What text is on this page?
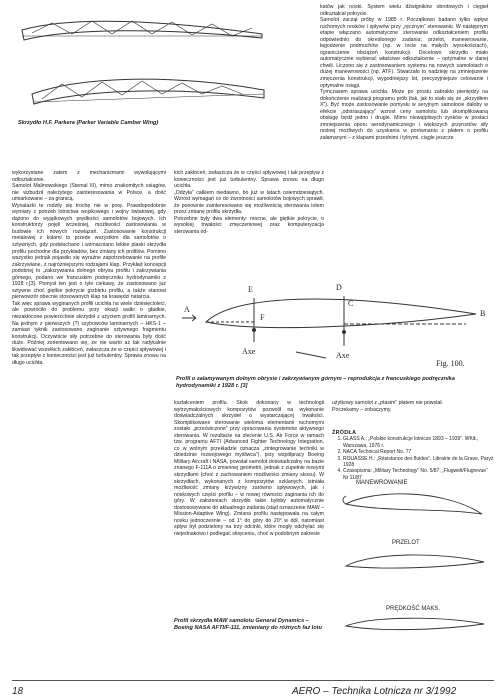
Skrzydło H.F. Parkera (Parker Variable Camber Wing)

katów jak noski. System wielu dźwigników obrotowych i cięgieł odkształcał pokrycie.
Samolot zaczął próby w 1985 r. Początkowo badano tylko wpływ ruchomych nosków i spływów przy „ręcznym” sterowaniu. W następnym etapie włączano automatyczne sterowanie odkształceniem profilu odpowiednio do określonego zadania; przelot, manewrowanie, łagodzenie podmuchów (np. w locie na małych wysokościach), ograniczenie obciążeń konstrukcji. Docelowo skrzydło miało automatycznie wybierać właściwe odkształcenie – optymalne w danej chwili. Liczono się z zastosowaniem systemu na nowych samolotach o dużej manewrowości (np. ATF). Stwarzało to nadzieję na zmniejszenie zmęczenia konstrukcji, wygodniejszy lot, precyzyjniejsze celowanie i optymalne osiągi.
Tymczasem sprawa ucichła. Może po prostu zabrakło pieniędzy na dokończenie realizacji programu prób (tak, jak to stało się ze „skrzydłem X”). Być może zastosowanie pomysłu w seryjnym samolocie dałoby w efekcie „odstraszający” wzrost ceny samolotu lub skomplikowaną obsługę będź jedno i drugie. Mimo niewątpliwych zysków w postaci zmniejszenia oporu aerodynamicznego i większych przyrostów siły nośnej możliwych do uzyskania w porównaniu z płatem o profilu załamanym – z klapami przednimi i tylnymi, ciągle jeszcze

wykorzystane zatem z mechanizmami wywołującymi odkształcenie.
Samolot Malinowskiego (Stemal III), mimo znakomitych osiągów, nie wzbudził należytego zainteresowania w Polsce, a dość umiarkowane – za granicą.
Wynalazki te rodziły się trochę nie w porę. Prawdopodobnie wymiary z potrzeb lotnictwa wojskowego i wojny światowej, gdy dążono do wyjątkowych prędkości samolotów bojowych. Ich konstruktorzy pojęli wcześniej, możliwości zastosowania w budowie ich nowych rozwiązań. Zastosowanie konstrukcji metalowej z kołami to przede wszystkim dla samolotów o sztywnych, gdy podsłuchano i wzmacniano lekkie plaski skrzydła profilu pochodne dla przykładów, bez zmiany ich profilów. Pomimo wszystko jednak pojawiło się wyraźne zapotrzebowanie na profile zakrzywiane, z najróżniejszymi rodzajami klap. Przykład koncepcji podobnej to „zakrzywiania dolnego obrysu profilu i zakrzywiania górnego, podano we francuskim podręczniku hydrodynamiki z 1928 r.[3]. Pomysł ten jest o tyle ciekawy, że zastosowano już sztywne choć giętkie pokrycie grzbietu profilu, a także stanowi pierwowzór obecnie stosowanych klap na krawędzi natarcia.
Tak więc sprawa wyginanych profili ucichła na wiele dziesięcioleci, ale powróciło do problemu przy okazji walki o gładkie, niezakłócone powierzchnie skrzydeł z użyciem profili laminarnych. Na jednym z pierwszych (?) szybowców laminarnych – HKS-1 – zamiast tyknik zastosowano zaginanie sztywnego fragmentu konstrukcji. Oczywiście siły potrzebne do sterowania były dość duże. Później zorientowano się, że nie warto aż tak radykalnie likwidować wszelkich zakłóceń, zwłaszcza że w części spływowej i tak przepływ z konieczności jest już turbulentny. Sprawa znowu na długo ucichła.

kich zakłóceń, zwłaszcza że w części spływowej i tak przepływ z konieczności jest już turbulentny. Sprawa znowu na długo ucichła.
„Odżyła” całkiem niedawno, bo już w latach osiemdziesiątych. Wzrost wymagań co do zwrotności samolotów bojowych sprawił, że ponownie zainteresowano się możliwością sterowania lotem przez zmianę profilu skrzydła.
Potrzebne były dwa elementy: mocne, ale giętkie pokrycie, o wysokiej trwałości zmęczeniowej oraz komputeryzacja sterowania od-

A
E	D
C
F	B
Axe	Axe
Fig. 100.

Profil o zalamywanym dolnym obrysie i zakrzywianym górnym – reprodukcja z francuskiego podręcznika hydrodynamiki z 1928 r. [3]

kształceniem profilu. Skok dokonany w technologii wytrzymałościowych kompozytów pozwolił na wykonanie doświadczalnych skrzydeł o wystarczającej trwałości. Skomplikowane sterowanie wieloma elementami ruchomymi zostało „przećwiczone” przy opracowaniu systemów aktywnego sterowania. W rezultacie na zlecenie U.S. Air Force w ramach tzw. programu AFTI (Advanced Fighter Technology Integration, co w wolnym przekładzie oznacza „zintegrowanie techniki w dziedzinie rozwojowego myśliwca”), przy współpracy Boeing Military Aircraft i NASA, powstał samolot doświadczalny na bazie znanego F-111A o zmiennej geometrii, jednak z zupełnie nowymi skrzydłami (choć z zachowaniem możliwości zmiany skosu). W skrzydłach, wykonanych z kompozytów szklanych, istniała możliwość zmiany krzywizny zarówno spływowych, jak i noskowych części profilu – w nowej równości zaginania ich do góry. W założeniach skrzydło takie byłoby automatycznie dostosowywane do aktualnego zadania (stąd oznaczenie MAW – Mission-Adaptive Wing). Zmiana profilu następowała na całym nosku jednocześnie – od 1° do góry do 20° w dół, natomiast spływ był podzielony na trzy odcinki, które mogły odchylać się niejednakowo i podlegać skręceniu, choć w podobnym zakresie

użytkowy samolot z „ptasim” płatem nie powstał.
Poczekamy – zobaczymy.

ŹRÓDŁA
1. GLASS A.: „Polskie konstrukcje lotnicze 1893 – 1939”. WKiŁ, Warszawa, 1976 r.
2. NACA Technical Report No. 77
3. ROUASSE H.: „Résistance des fluides”, Librairie de la Grave, Paryż 1928
4. Czasopisma: „Military Technology” No. 5/87, „Flugwelt/Flugrevue” Nr 11/87
MANEWROWANIE
PRZELOT
PRĘDKOŚĆ MAKS.

Profil skrzydła MAW samolotu General Dynamics – Boeing NASA AFTI/F-111, zmieniany do różnych faz lotu

18	AERO – Technika Lotnicza nr 3/1992
